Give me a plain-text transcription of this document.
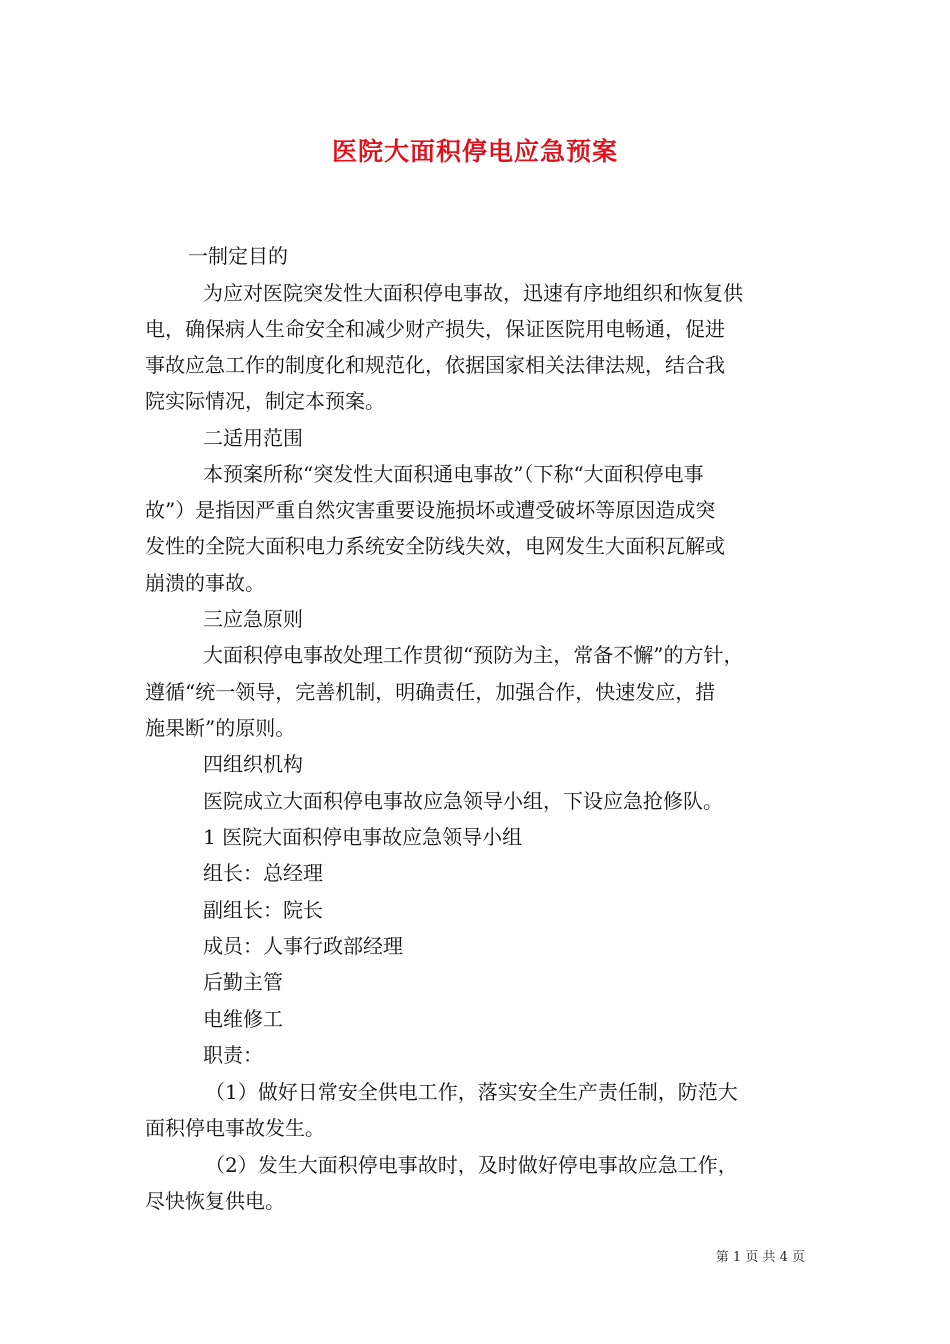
医院大面积停电应急预案
一制定目的
为应对医院突发性大面积停电事故，迅速有序地组织和恢复供
电，确保病人生命安全和减少财产损失，保证医院用电畅通，促进
事故应急工作的制度化和规范化，依据国家相关法律法规，结合我
院实际情况，制定本预案。
二适用范围
本预案所称“突发性大面积通电事故”（下称“大面积停电事
故”）是指因严重自然灾害重要设施损坏或遭受破坏等原因造成突
发性的全院大面积电力系统安全防线失效，电网发生大面积瓦解或
崩溃的事故。
三应急原则
大面积停电事故处理工作贯彻“预防为主，常备不懈”的方针，
遵循“统一领导，完善机制，明确责任，加强合作，快速发应，措
施果断”的原则。
四组织机构
医院成立大面积停电事故应急领导小组，下设应急抢修队。
1 医院大面积停电事故应急领导小组
组长：总经理
副组长：院长
成员：人事行政部经理
后勤主管
电维修工
职责：
（1）做好日常安全供电工作，落实安全生产责任制，防范大
面积停电事故发生。
（2）发生大面积停电事故时，及时做好停电事故应急工作，
尽快恢复供电。
第 1 页 共 4 页
